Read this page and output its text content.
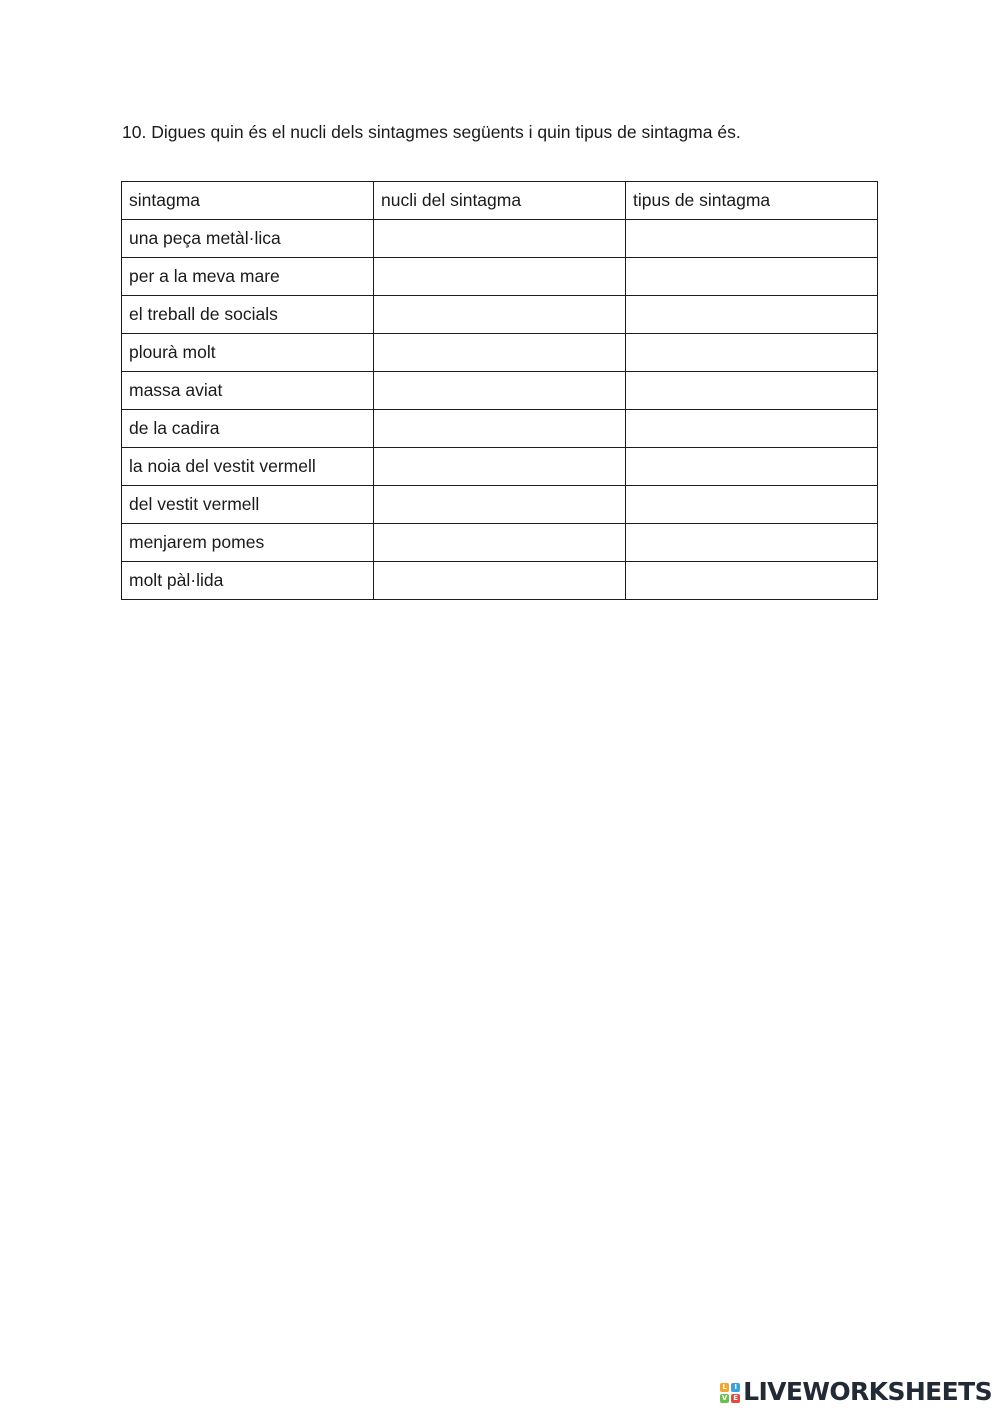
10. Digues quin és el nucli dels sintagmes següents i quin tipus de sintagma és.
sintagma	nucli del sintagma	tipus de sintagma
una peça metàl·lica		
per a la meva mare		
el treball de socials		
plourà molt		
massa aviat		
de la cadira		
la noia del vestit vermell		
del vestit vermell		
menjarem pomes		
molt pàl·lida		
L	I
V E LIVEWORKSHEETS
